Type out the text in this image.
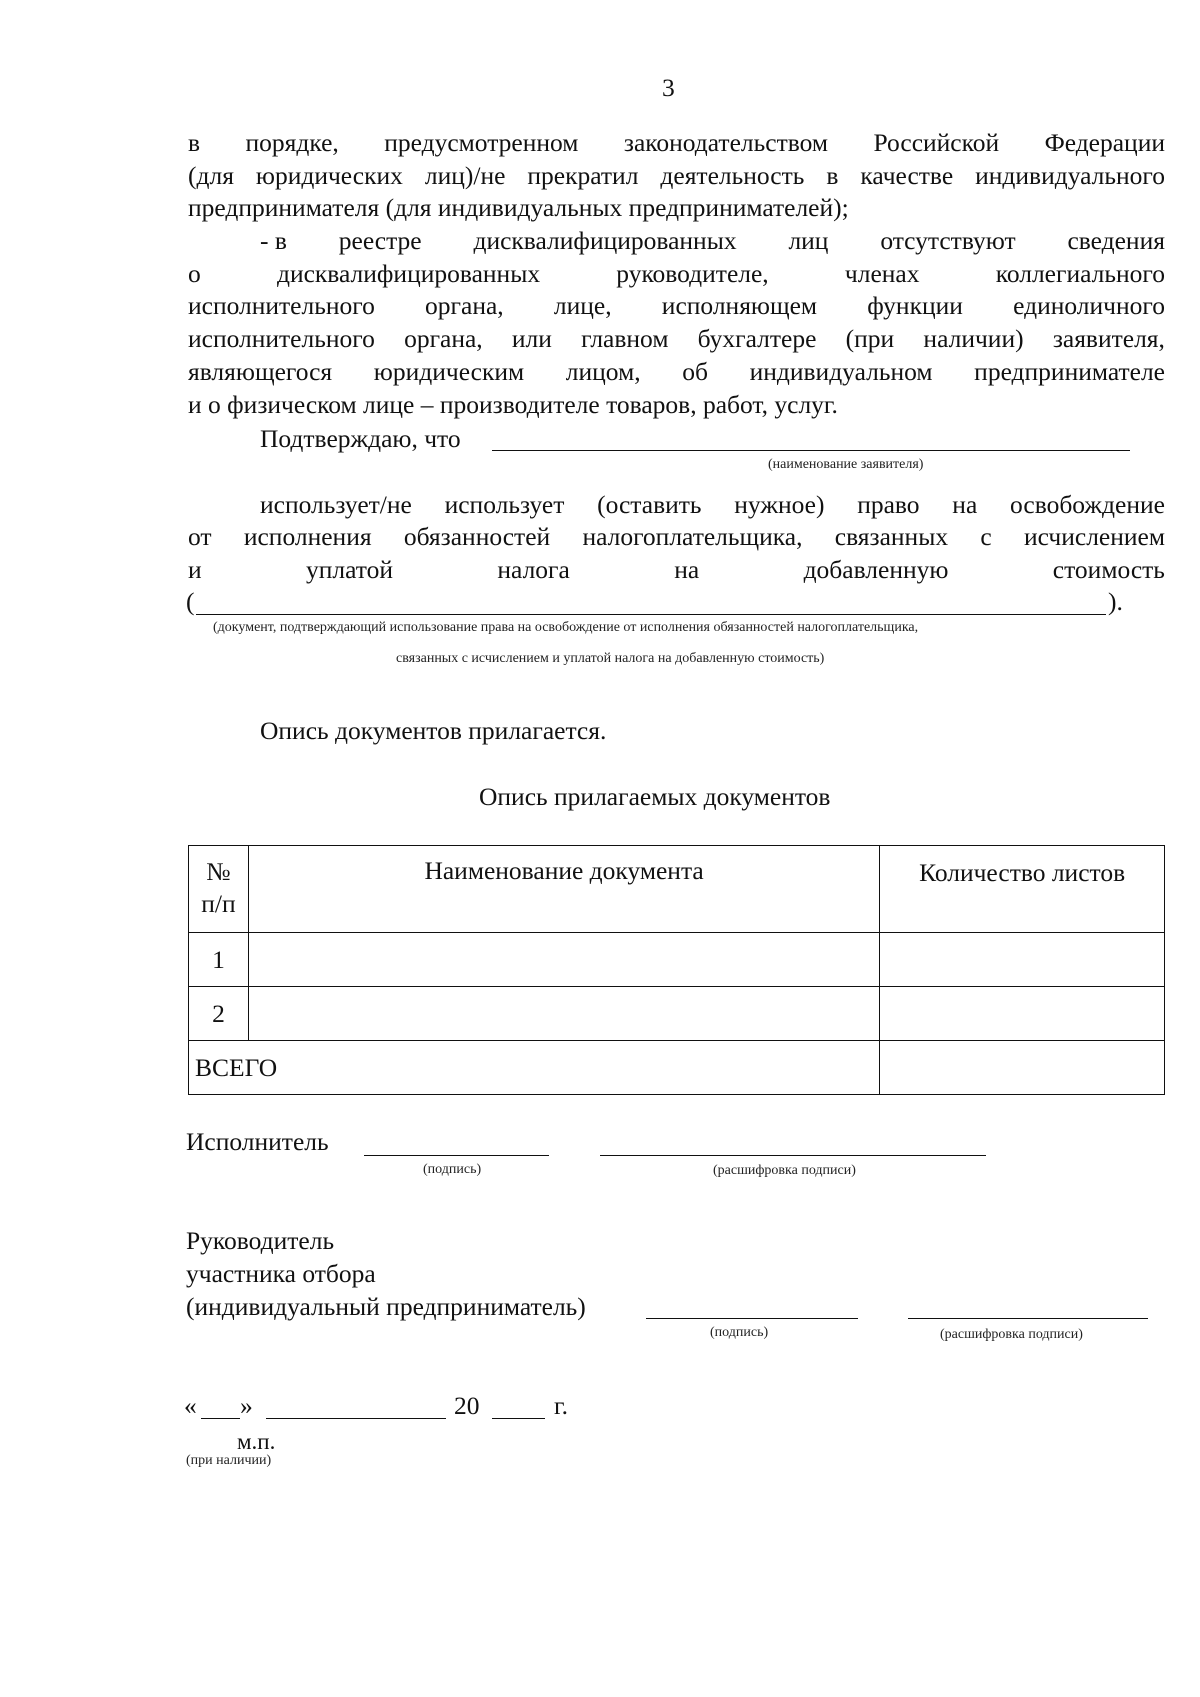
3
в порядке, предусмотренном законодательством Российской Федерации
(для юридических лиц)/не прекратил деятельность в качестве индивидуального
предпринимателя (для индивидуальных предпринимателей);
- в реестре дисквалифицированных лиц отсутствуют сведения
о	дисквалифицированных	руководителе,	членах	коллегиального
исполнительного органа, лице, исполняющем функции единоличного
исполнительного органа, или главном бухгалтере (при наличии) заявителя,
являющегося юридическим лицом, об индивидуальном предпринимателе
и о физическом лице – производителе товаров, работ, услуг.
Подтверждаю, что
(наименование заявителя)
использует/не использует (оставить нужное) право на освобождение
от исполнения обязанностей налогоплательщика, связанных с исчислением
и	уплатой	налога	на	добавленную	стоимость
(	).
(документ, подтверждающий использование права на освобождение от исполнения обязанностей налогоплательщика,
связанных с исчислением и уплатой налога на добавленную стоимость)
Опись документов прилагается.
Опись прилагаемых документов
№
п/п	Наименование документа	Количество листов
1		
2		
ВСЕГО		
Исполнитель
(подпись)	(расшифровка подписи)
Руководитель
участника отбора
(индивидуальный предприниматель)
(подпись)	(расшифровка подписи)
« »	20	г.
м.п.
(при наличии)
